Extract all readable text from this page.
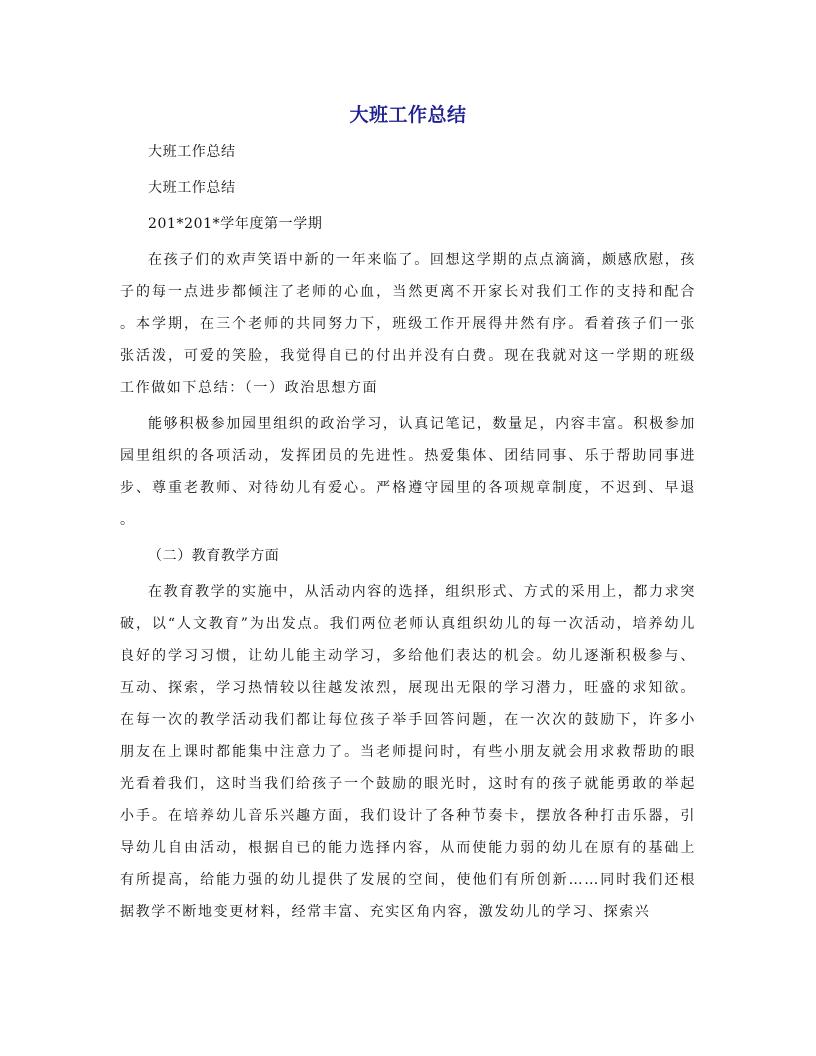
大班工作总结

大班工作总结

大班工作总结

201*201*学年度第一学期

在孩子们的欢声笑语中新的一年来临了。回想这学期的点点滴滴，颇感欣慰，孩子的每一点进步都倾注了老师的心血，当然更离不开家长对我们工作的支持和配合。本学期，在三个老师的共同努力下，班级工作开展得井然有序。看着孩子们一张张活泼，可爱的笑脸，我觉得自已的付出并没有白费。现在我就对这一学期的班级工作做如下总结：（一）政治思想方面

能够积极参加园里组织的政治学习，认真记笔记，数量足，内容丰富。积极参加园里组织的各项活动，发挥团员的先进性。热爱集体、团结同事、乐于帮助同事进步、尊重老教师、对待幼儿有爱心。严格遵守园里的各项规章制度，不迟到、早退。

（二）教育教学方面

在教育教学的实施中，从活动内容的选择，组织形式、方式的采用上，都力求突破，以“人文教育”为出发点。我们两位老师认真组织幼儿的每一次活动，培养幼儿良好的学习习惯，让幼儿能主动学习，多给他们表达的机会。幼儿逐渐积极参与、互动、探索，学习热情较以往越发浓烈，展现出无限的学习潜力，旺盛的求知欲。在每一次的教学活动我们都让每位孩子举手回答问题，在一次次的鼓励下，许多小朋友在上课时都能集中注意力了。当老师提问时，有些小朋友就会用求救帮助的眼光看着我们，这时当我们给孩子一个鼓励的眼光时，这时有的孩子就能勇敢的举起小手。在培养幼儿音乐兴趣方面，我们设计了各种节奏卡，摆放各种打击乐器，引导幼儿自由活动，根据自已的能力选择内容，从而使能力弱的幼儿在原有的基础上有所提高，给能力强的幼儿提供了发展的空间，使他们有所创新……同时我们还根据教学不断地变更材料，经常丰富、充实区角内容，激发幼儿的学习、探索兴
